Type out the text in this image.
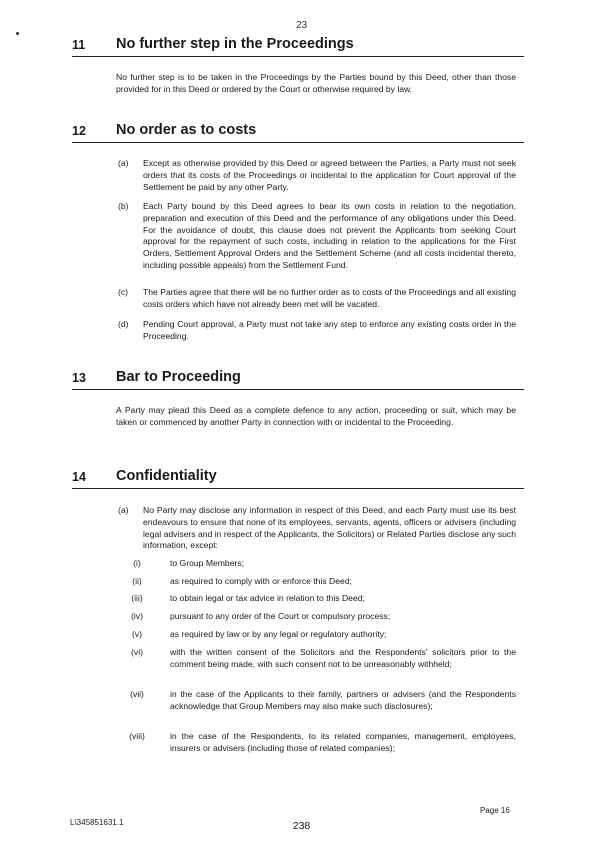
23
11 No further step in the Proceedings
No further step is to be taken in the Proceedings by the Parties bound by this Deed, other than those provided for in this Deed or ordered by the Court or otherwise required by law.
12 No order as to costs
(a) Except as otherwise provided by this Deed or agreed between the Parties, a Party must not seek orders that its costs of the Proceedings or incidental to the application for Court approval of the Settlement be paid by any other Party.
(b) Each Party bound by this Deed agrees to bear its own costs in relation to the negotiation, preparation and execution of this Deed and the performance of any obligations under this Deed. For the avoidance of doubt, this clause does not prevent the Applicants from seeking Court approval for the repayment of such costs, including in relation to the applications for the First Orders, Settlement Approval Orders and the Settlement Scheme (and all costs incidental thereto, including possible appeals) from the Settlement Fund.
(c) The Parties agree that there will be no further order as to costs of the Proceedings and all existing costs orders which have not already been met will be vacated.
(d) Pending Court approval, a Party must not take any step to enforce any existing costs order in the Proceeding.
13 Bar to Proceeding
A Party may plead this Deed as a complete defence to any action, proceeding or suit, which may be taken or commenced by another Party in connection with or incidental to the Proceeding.
14 Confidentiality
(a) No Party may disclose any information in respect of this Deed, and each Party must use its best endeavours to ensure that none of its employees, servants, agents, officers or advisers (including legal advisers and in respect of the Applicants, the Solicitors) or Related Parties disclose any such information, except:
(i)	to Group Members;
(ii)	as required to comply with or enforce this Deed;
(iii)	to obtain legal or tax advice in relation to this Deed;
(iv)	pursuant to any order of the Court or compulsory process;
(v)	as required by law or by any legal or regulatory authority;
(vi)	with the written consent of the Solicitors and the Respondents' solicitors prior to the comment being made, with such consent not to be unreasonably withheld;
(vii)	in the case of the Applicants to their family, partners or advisers (and the Respondents acknowledge that Group Members may also make such disclosures);
(viii)	in the case of the Respondents, to its related companies, management, employees, insurers or advisers (including those of related companies);
Page 16
L\345851631.1	238
